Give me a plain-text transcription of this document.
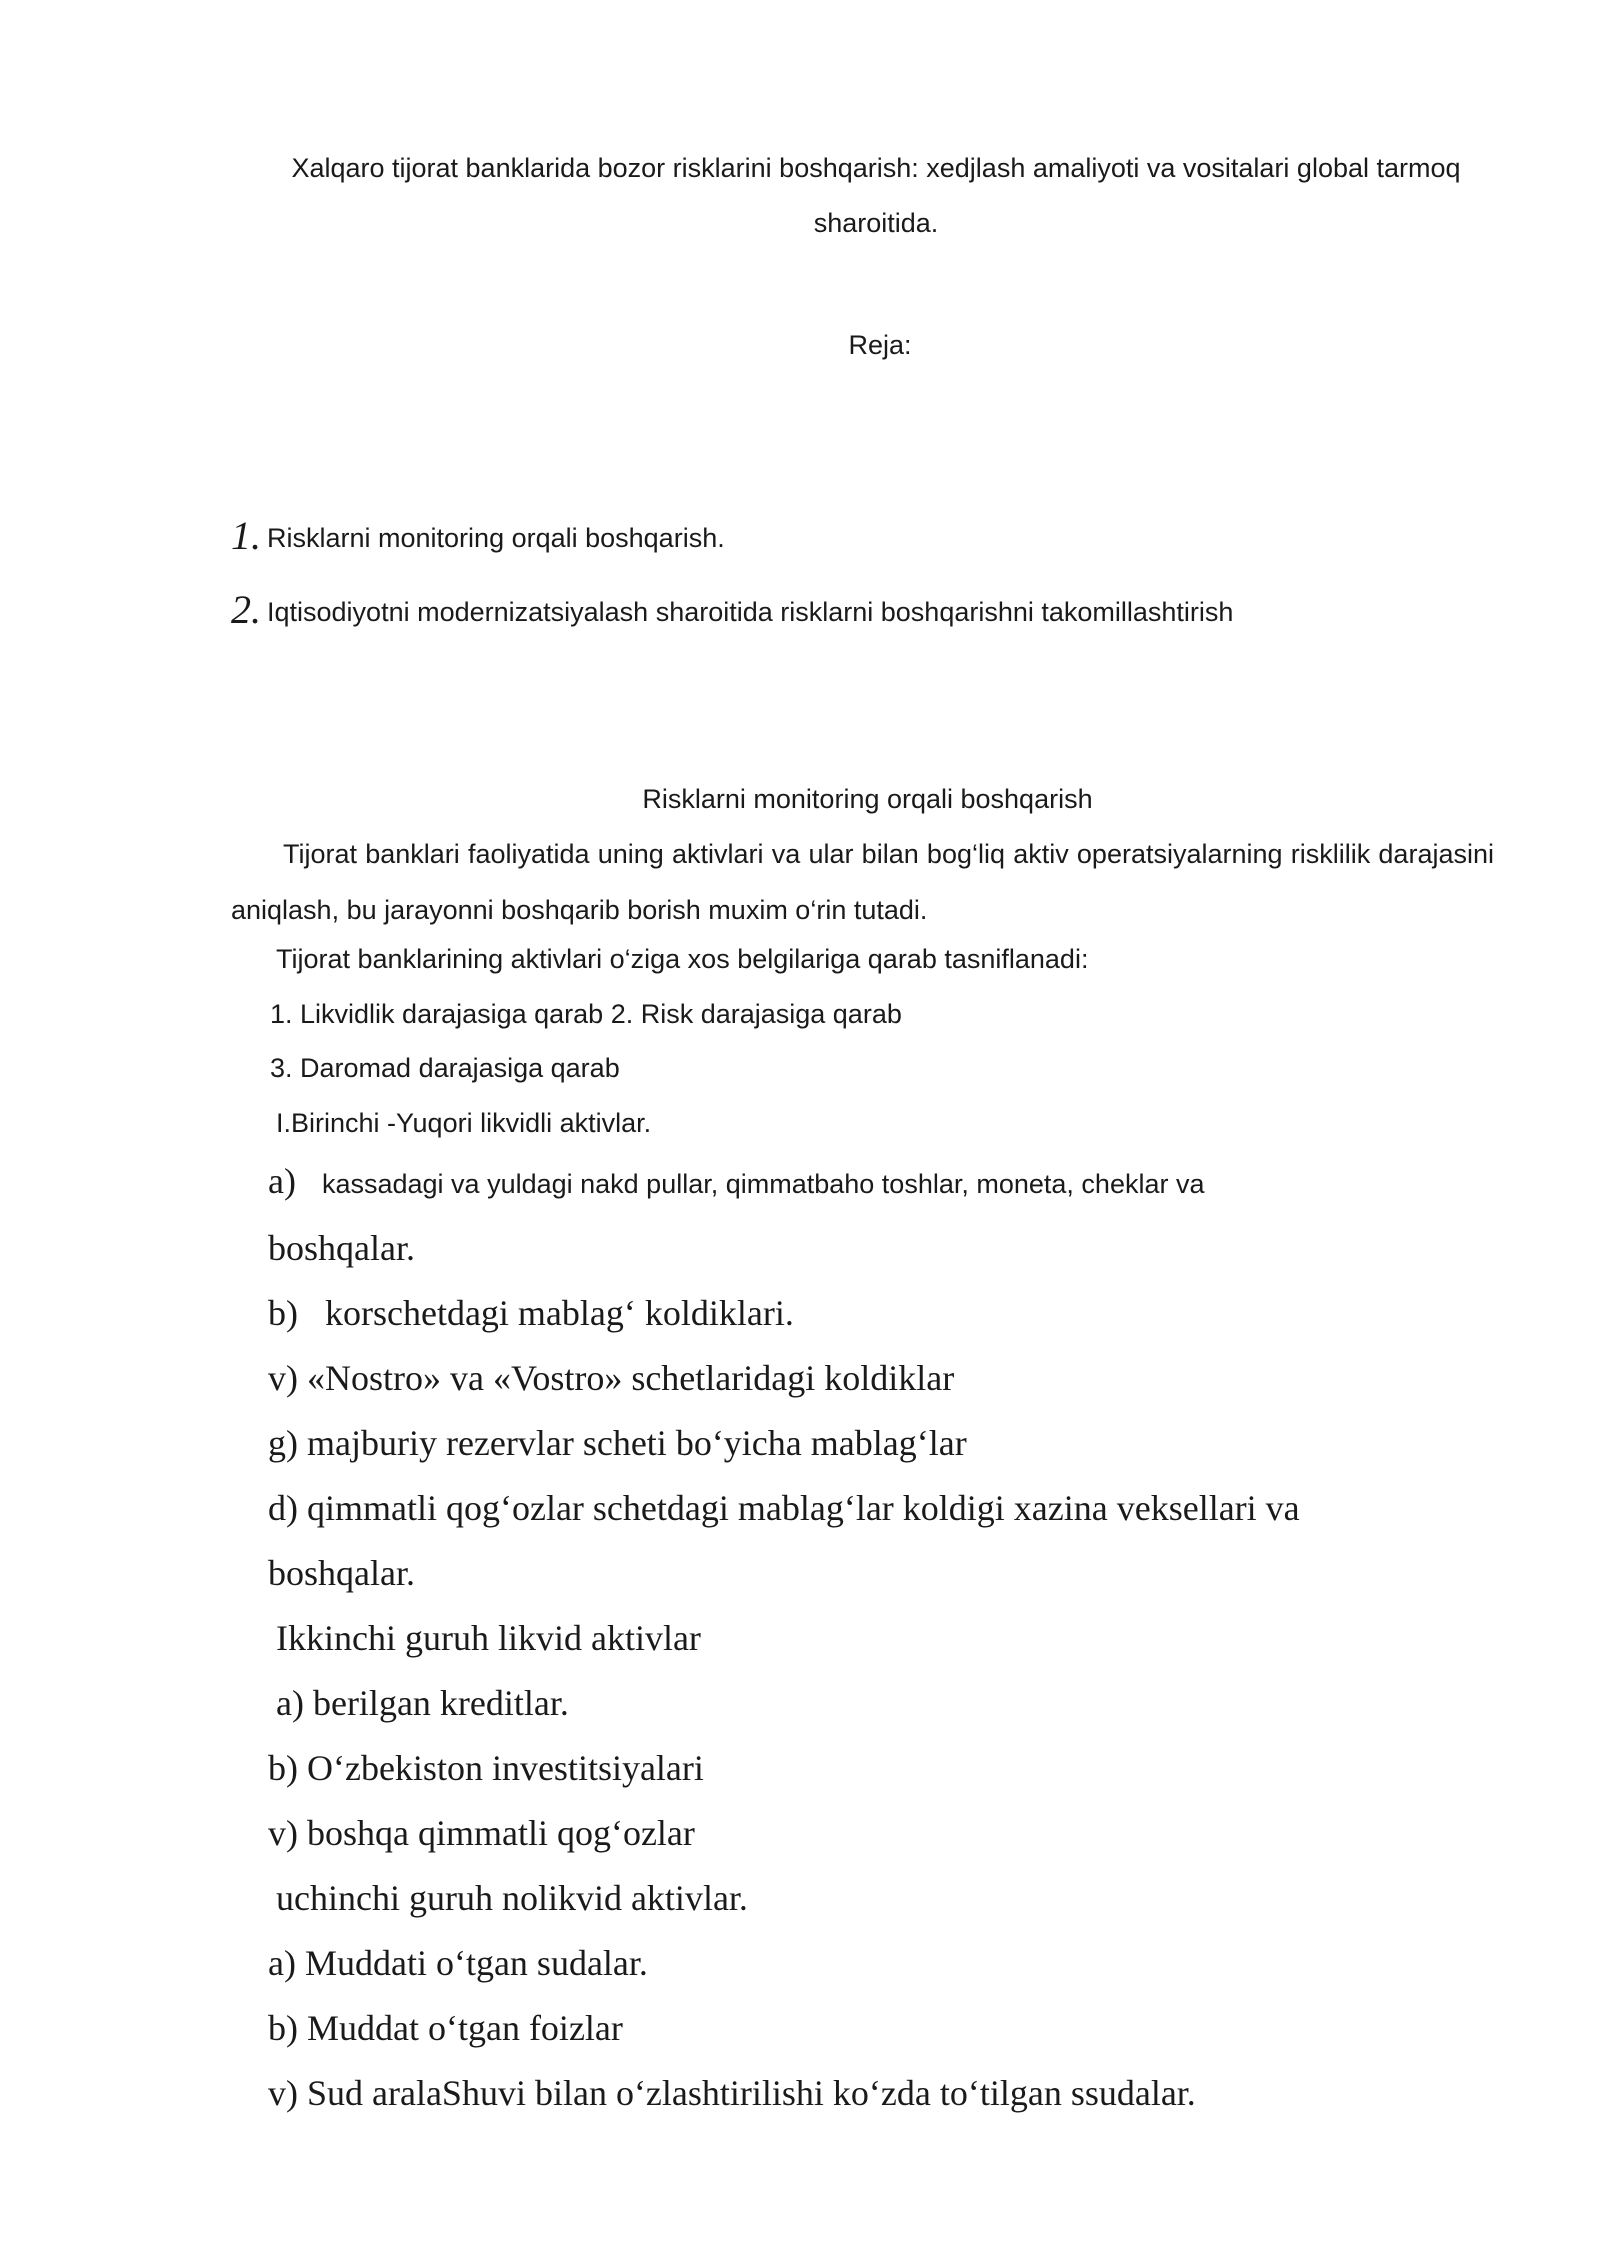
Xalqaro tijorat banklarida bozor risklarini boshqarish: xedjlash amaliyoti va vositalari global tarmoq
sharoitida.
Reja:
1. Risklarni monitoring orqali boshqarish.
2. Iqtisodiyotni modernizatsiyalash sharoitida risklarni boshqarishni takomillashtirish
Risklarni monitoring orqali boshqarish
Tijorat banklari faoliyatida uning aktivlari va ular bilan bog‘liq aktiv operatsiyalarning risklilik darajasini aniqlash, bu jarayonni boshqarib borish muxim o‘rin tutadi.
Tijorat banklarining aktivlari o‘ziga xos belgilariga qarab tasniflanadi:
1. Likvidlik darajasiga qarab 2. Risk darajasiga qarab
3. Daromad darajasiga qarab
I.Birinchi -Yuqori likvidli aktivlar.
a) kassadagi va yuldagi nakd pullar, qimmatbaho toshlar, moneta, cheklar va
boshqalar.
b)   korschetdagi mablag‘ koldiklari.
v) «Nostro» va «Vostro» schetlaridagi koldiklar
g) majburiy rezervlar scheti bo‘yicha mablag‘lar
d) qimmatli qog‘ozlar schetdagi mablag‘lar koldigi xazina veksellari va
boshqalar.
Ikkinchi guruh likvid aktivlar
a) berilgan kreditlar.
b) O‘zbekiston investitsiyalari
v) boshqa qimmatli qog‘ozlar
uchinchi guruh nolikvid aktivlar.
a) Muddati o‘tgan sudalar.
b) Muddat o‘tgan foizlar
v) Sud aralaShuvi bilan o‘zlashtirilishi ko‘zda to‘tilgan ssudalar.
